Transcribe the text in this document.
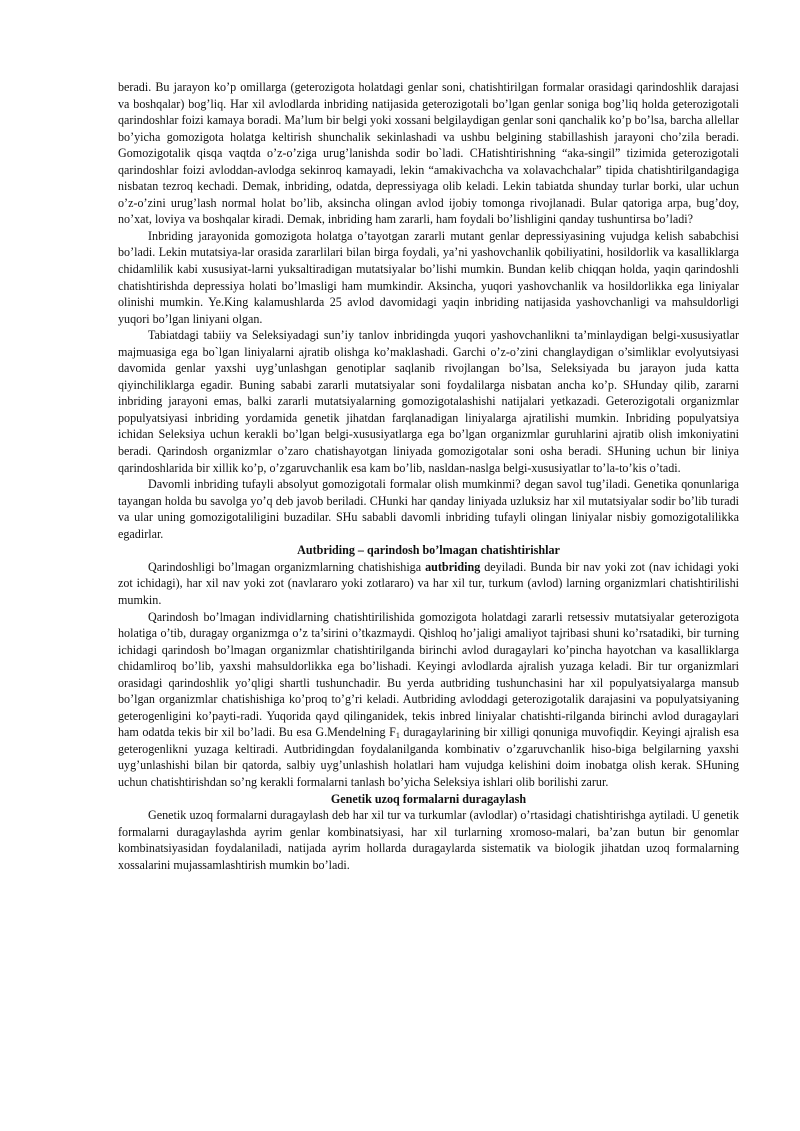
beradi. Bu jarayon ko’p omillarga (geterozigota holatdagi genlar soni, chatishtirilgan formalar orasidagi qarindoshlik darajasi va boshqalar) bog’liq. Har xil avlodlarda inbriding natijasida geterozigotali bo’lgan genlar soniga bog’liq holda geterozigotali qarindoshlar foizi kamaya boradi. Ma’lum bir belgi yoki xossani belgilaydigan genlar soni qanchalik ko’p bo’lsa, barcha allellar bo’yicha gomozigota holatga keltirish shunchalik sekinlashadi va ushbu belgining stabillashish jarayoni cho’zila beradi. Gomozigotalik qisqa vaqtda o’z-o’ziga urug’lanishda sodir bo`ladi. CHatishtirishning “aka-singil” tizimida geterozigotali qarindoshlar foizi avloddan-avlodga sekinroq kamayadi, lekin “amakivachcha va xolavachchalar” tipida chatishtirilgandagiga nisbatan tezroq kechadi. Demak, inbriding, odatda, depressiyaga olib keladi. Lekin tabiatda shunday turlar borki, ular uchun o’z-o’zini urug’lash normal holat bo’lib, aksincha olingan avlod ijobiy tomonga rivojlanadi. Bular qatoriga arpa, bug’doy, no’xat, loviya va boshqalar kiradi. Demak, inbriding ham zararli, ham foydali bo’lishligini qanday tushuntirsa bo’ladi?

Inbriding jarayonida gomozigota holatga o’tayotgan zararli mutant genlar depressiyasining vujudga kelish sababchisi bo’ladi. Lekin mutatsiya-lar orasida zararlilari bilan birga foydali, ya’ni yashovchanlik qobiliyatini, hosildorlik va kasalliklarga chidamlilik kabi xususiyat-larni yuksaltiradigan mutatsiyalar bo’lishi mumkin. Bundan kelib chiqqan holda, yaqin qarindoshli chatishtirishda depressiya holati bo’lmasligi ham mumkindir. Aksincha, yuqori yashovchanlik va hosildorlikka ega liniyalar olinishi mumkin. Ye.King kalamushlarda 25 avlod davomidagi yaqin inbriding natijasida yashovchanligi va mahsuldorligi yuqori bo’lgan liniyani olgan.

Tabiatdagi tabiiy va Seleksiyadagi sun’iy tanlov inbridingda yuqori yashovchanlikni ta’minlaydigan belgi-xususiyatlar majmuasiga ega bo`lgan liniyalarni ajratib olishga ko’maklashadi. Garchi o’z-o’zini changlaydigan o’simliklar evolyutsiyasi davomida genlar yaxshi uyg’unlashgan genotiplar saqlanib rivojlangan bo’lsa, Seleksiyada bu jarayon juda katta qiyinchiliklarga egadir. Buning sababi zararli mutatsiyalar soni foydalilarga nisbatan ancha ko’p. SHunday qilib, zararni inbriding jarayoni emas, balki zararli mutatsiyalarning gomozigotalashishi natijalari yetkazadi. Geterozigotali organizmlar populyatsiyasi inbriding yordamida genetik jihatdan farqlanadigan liniyalarga ajratilishi mumkin. Inbriding populyatsiya ichidan Seleksiya uchun kerakli bo’lgan belgi-xususiyatlarga ega bo’lgan organizmlar guruhlarini ajratib olish imkoniyatini beradi. Qarindosh organizmlar o’zaro chatishayotgan liniyada gomozigotalar soni osha beradi. SHuning uchun bir liniya qarindoshlarida bir xillik ko’p, o’zgaruvchanlik esa kam bo’lib, nasldan-naslga belgi-xususiyatlar to’la-to’kis o’tadi.

Davomli inbriding tufayli absolyut gomozigotali formalar olish mumkinmi? degan savol tug’iladi. Genetika qonunlariga tayangan holda bu savolga yo’q deb javob beriladi. CHunki har qanday liniyada uzluksiz har xil mutatsiyalar sodir bo’lib turadi va ular uning gomozigotaliligini buzadilar. SHu sababli davomli inbriding tufayli olingan liniyalar nisbiy gomozigotalilikka egadirlar.

Autbriding – qarindosh bo’lmagan chatishtirishlar

Qarindoshligi bo’lmagan organizmlarning chatishishiga autbriding deyiladi. Bunda bir nav yoki zot (nav ichidagi yoki zot ichidagi), har xil nav yoki zot (navlararo yoki zotlararo) va har xil tur, turkum (avlod) larning organizmlari chatishtirilishi mumkin.

Qarindosh bo’lmagan individlarning chatishtirilishida gomozigota holatdagi zararli retsessiv mutatsiyalar geterozigota holatiga o’tib, duragay organizmga o’z ta’sirini o’tkazmaydi. Qishloq ho’jaligi amaliyot tajribasi shuni ko’rsatadiki, bir turning ichidagi qarindosh bo’lmagan organizmlar chatishtirilganda birinchi avlod duragaylari ko’pincha hayotchan va kasalliklarga chidamliroq bo’lib, yaxshi mahsuldorlikka ega bo’lishadi. Keyingi avlodlarda ajralish yuzaga keladi. Bir tur organizmlari orasidagi qarindoshlik yo’qligi shartli tushunchadir. Bu yerda autbriding tushunchasini har xil populyatsiyalarga mansub bo’lgan organizmlar chatishishiga ko’proq to’g’ri keladi. Autbriding avloddagi geterozigotalik darajasini va populyatsiyaning geterogenligini ko’payti-radi. Yuqorida qayd qilinganidek, tekis inbred liniyalar chatishti-rilganda birinchi avlod duragaylari ham odatda tekis bir xil bo’ladi. Bu esa G.Mendelning $F_1$ duragaylarining bir xilligi qonuniga muvofiqdir. Keyingi ajralish esa geterogenlikni yuzaga keltiradi. Autbridingdan foydalanilganda kombinativ o’zgaruvchanlik hiso-biga belgilarning yaxshi uyg’unlashishi bilan bir qatorda, salbiy uyg’unlashish holatlari ham vujudga kelishini doim inobatga olish kerak. SHuning uchun chatishtirishdan so’ng kerakli formalarni tanlash bo’yicha Seleksiya ishlari olib borilishi zarur.

Genetik uzoq formalarni duragaylash

Genetik uzoq formalarni duragaylash deb har xil tur va turkumlar (avlodlar) o’rtasidagi chatishtirishga aytiladi. U genetik formalarni duragaylashda ayrim genlar kombinatsiyasi, har xil turlarning xromoso-malari, ba’zan butun bir genomlar kombinatsiyasidan foydalaniladi, natijada ayrim hollarda duragaylarda sistematik va biologik jihatdan uzoq formalarning xossalarini mujassamlashtirish mumkin bo’ladi.
